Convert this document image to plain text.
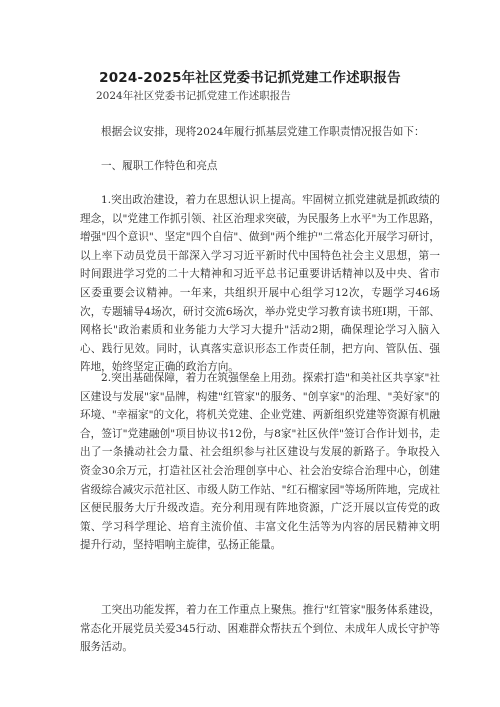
2024-2025年社区党委书记抓党建工作述职报告
2024年社区党委书记抓党建工作述职报告
根据会议安排，现将2024年履行抓基层党建工作职责情况报告如下：
一、履职工作特色和亮点
1.突出政治建设，着力在思想认识上提高。牢固树立抓党建就是抓政绩的理念，以"党建工作抓引领、社区治理求突破，为民服务上水平"为工作思路，增强"四个意识"、坚定"四个自信"、做到"两个维护"二常态化开展学习研讨，以上率下动员党员干部深入学习习近平新时代中国特色社会主义思想，第一时间跟进学习党的二十大精神和习近平总书记重要讲话精神以及中央、省市区委重要会议精神。一年来，共组织开展中心组学习12次，专题学习46场次，专题辅导4场次，研讨交流6场次，举办党史学习教育读书班I期，干部、网格长"政治素质和业务能力大学习大提升"活动2期，确保理论学习入脑入心、践行见效。同时，认真落实意识形态工作责任制，把方向、管队伍、强阵地，始终坚定正确的政治方向。
2.突出基础保障，着力在筑强堡垒上用劲。探索打造"和美社区共享家"社区建设与发展"家"品牌，构建"红管家"的服务、"创享家"的治理、"美好家"的环境、"幸福家"的文化，将机关党建、企业党建、两新组织党建等资源有机融合，签订"党建融创"项目协议书12份，与8家"社区伙伴"签订合作计划书，走出了一条撬动社会力量、社会组织参与社区建设与发展的新路子。争取投入资金30余万元，打造社区社会治理创享中心、社会治安综合治理中心，创建省级综合减灾示范社区、市级人防工作站、"红石榴家园"等场所阵地，完成社区便民服务大厅升级改造。充分利用现有阵地资源，广泛开展以宣传党的政策、学习科学理论、培育主流价值、丰富文化生活等为内容的居民精神文明提升行动，坚持唱响主旋律，弘扬正能量。
工突出功能发挥，着力在工作重点上聚焦。推行"红管家"服务体系建设，常态化开展党员关爱345行动、困难群众帮扶五个到位、未成年人成长守护等服务活动。
